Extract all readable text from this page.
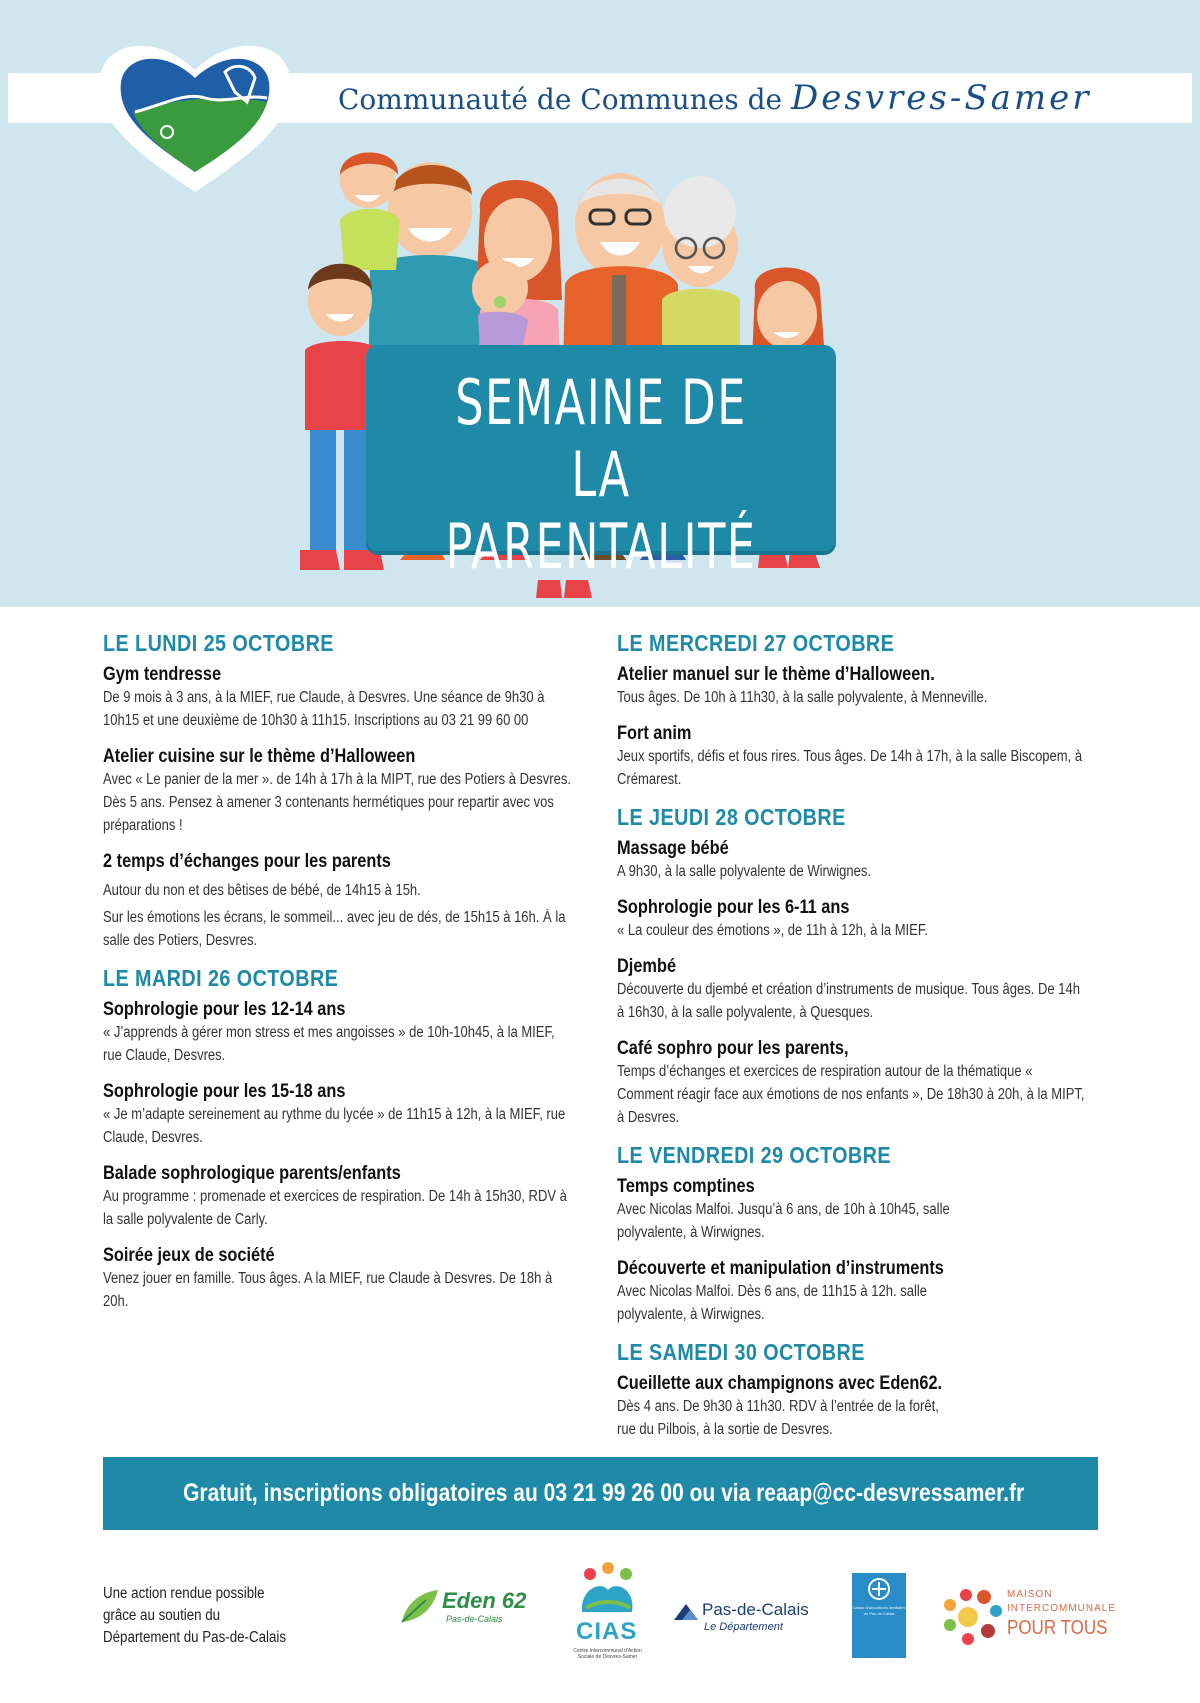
Communauté de Communes de Desvres-Samer
SEMAINE DE LA
PARENTALITÉ
LE LUNDI 25 OCTOBRE
Gym tendresse
De 9 mois à 3 ans, à la MIEF, rue Claude, à Desvres. Une séance de 9h30 à 10h15 et une deuxième de 10h30 à 11h15. Inscriptions au 03 21 99 60 00
Atelier cuisine sur le thème d’Halloween
Avec « Le panier de la mer ». de 14h à 17h à la MIPT, rue des Potiers à Desvres. Dès 5 ans. Pensez à amener 3 contenants hermétiques pour repartir avec vos préparations !
2 temps d’échanges pour les parents
Autour du non et des bêtises de bébé, de 14h15 à 15h.
Sur les émotions les écrans, le sommeil... avec jeu de dés, de 15h15 à 16h. À la salle des Potiers, Desvres.
LE MARDI 26 OCTOBRE
Sophrologie pour les 12-14 ans
« J’apprends à gérer mon stress et mes angoisses » de 10h-10h45, à la MIEF, rue Claude, Desvres.
Sophrologie pour les 15-18 ans
« Je m’adapte sereinement au rythme du lycée » de 11h15 à 12h, à la MIEF, rue Claude, Desvres.
Balade sophrologique parents/enfants
Au programme : promenade et exercices de respiration. De 14h à 15h30, RDV à la salle polyvalente de Carly.
Soirée jeux de société
Venez jouer en famille. Tous âges. A la MIEF, rue Claude à Desvres. De 18h à 20h.
LE MERCREDI 27 OCTOBRE
Atelier manuel sur le thème d’Halloween.
Tous âges. De 10h à 11h30, à la salle polyvalente, à Menneville.
Fort anim
Jeux sportifs, défis et fous rires. Tous âges. De 14h à 17h, à la salle Biscopem, à Crémarest.
LE JEUDI 28 OCTOBRE
Massage bébé
A 9h30, à la salle polyvalente de Wirwignes.
Sophrologie pour les 6-11 ans
« La couleur des émotions », de 11h à 12h, à la MIEF.
Djembé
Découverte du djembé et création d’instruments de musique. Tous âges. De 14h à 16h30, à la salle polyvalente, à Quesques.
Café sophro pour les parents,
Temps d’échanges et exercices de respiration autour de la thématique « Comment réagir face aux émotions de nos enfants », De 18h30 à 20h, à la MIPT, à Desvres.
LE VENDREDI 29 OCTOBRE
Temps comptines
Avec Nicolas Malfoi. Jusqu’à 6 ans, de 10h à 10h45, salle polyvalente, à Wirwignes.
Découverte et manipulation d’instruments
Avec Nicolas Malfoi. Dès 6 ans, de 11h15 à 12h. salle polyvalente, à Wirwignes.
LE SAMEDI 30 OCTOBRE
Cueillette aux champignons avec Eden62.
Dès 4 ans. De 9h30 à 11h30. RDV à l’entrée de la forêt, rue du Pilbois, à la sortie de Desvres.
Gratuit, inscriptions obligatoires au 03 21 99 26 00 ou via reaap@cc-desvressamer.fr
Une action rendue possible grâce au soutien du Département du Pas-de-Calais
Eden 62
Pas-de-Calais	CIAS
Centre Intercommunal d'Action Sociale de Desvres-Samer
Pas-de-Calais
Le Département
Caisse d'allocations familiales du Pas-de-Calais
MAISON
INTERCOMMUNALE
POUR TOUS
